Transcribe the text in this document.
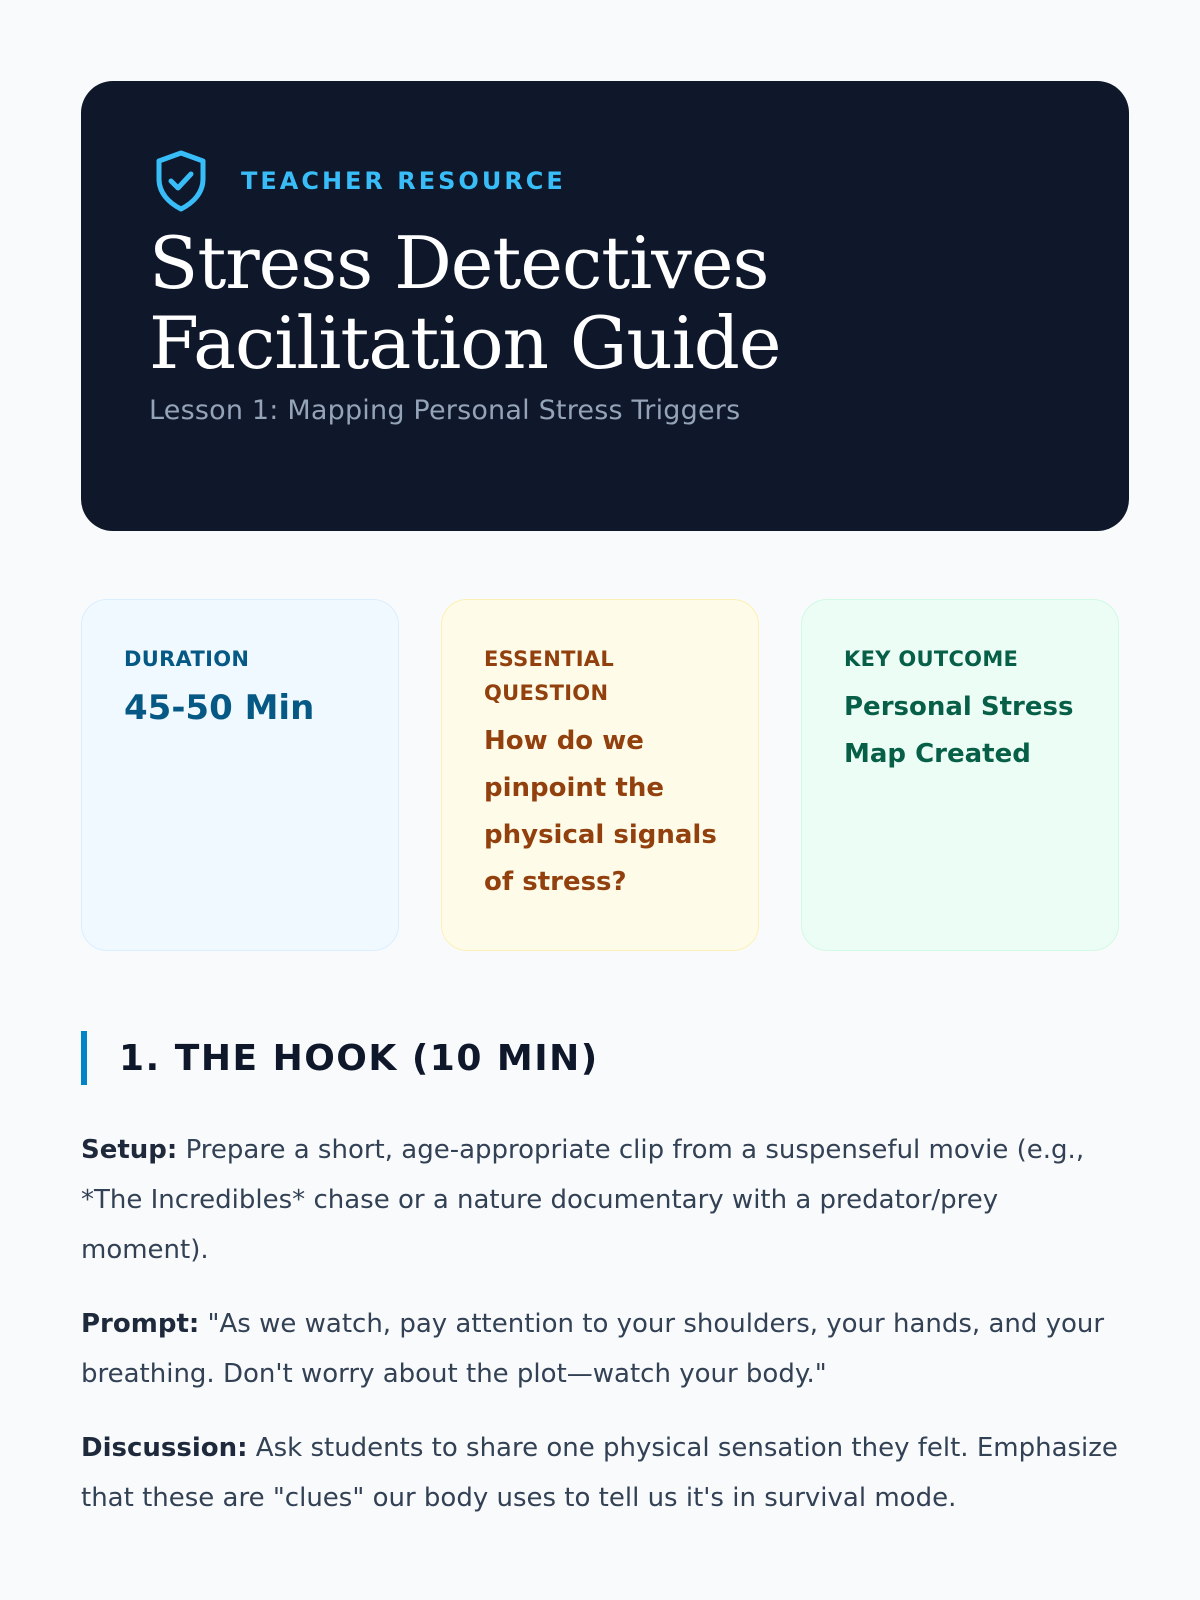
TEACHER RESOURCE
Stress Detectives
Facilitation Guide
Lesson 1: Mapping Personal Stress Triggers
DURATION
45-50 Min
ESSENTIAL QUESTION
How do we pinpoint the physical signals of stress?
KEY OUTCOME
Personal Stress Map Created
1. THE HOOK (10 MIN)

Setup: Prepare a short, age-appropriate clip from a suspenseful movie (e.g., *The Incredibles* chase or a nature documentary with a predator/prey moment).

Prompt: "As we watch, pay attention to your shoulders, your hands, and your breathing. Don't worry about the plot—watch your body."

Discussion: Ask students to share one physical sensation they felt. Emphasize that these are "clues" our body uses to tell us it's in survival mode.
